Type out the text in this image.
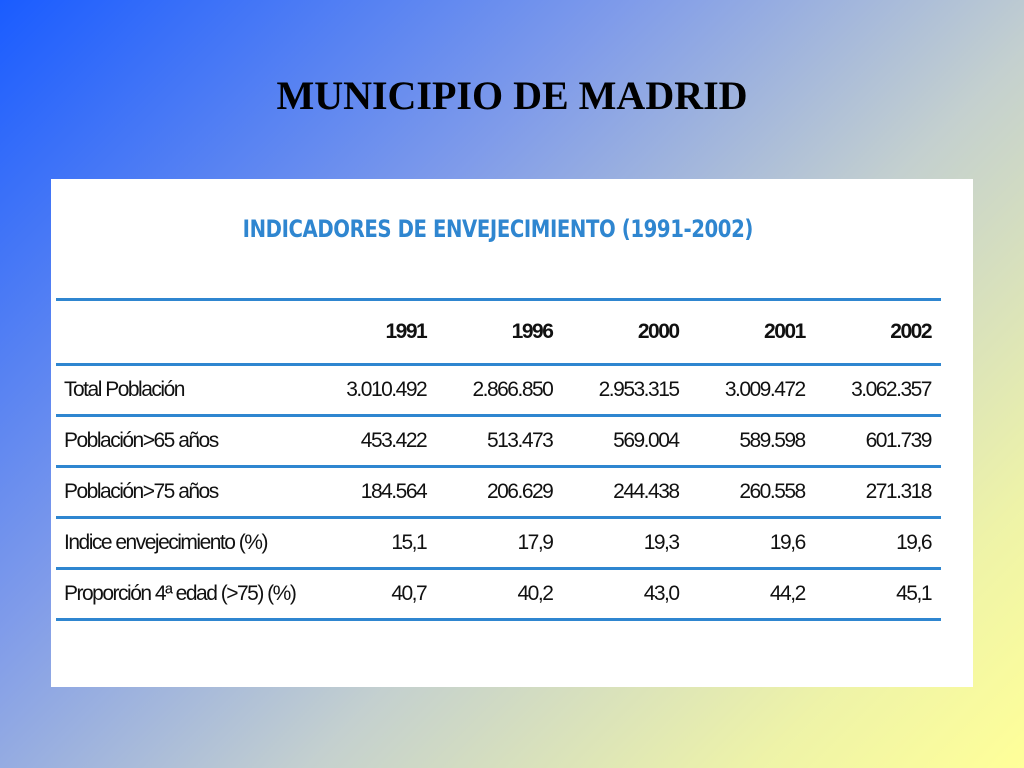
MUNICIPIO DE MADRID
INDICADORES DE ENVEJECIMIENTO (1991-2002)
	1991	1996	2000	2001	2002
Total Población	3.010.492	2.866.850	2.953.315	3.009.472	3.062.357
Población>65 años	453.422	513.473	569.004	589.598	601.739
Población>75 años	184.564	206.629	244.438	260.558	271.318
Indice envejecimiento (%)	15,1	17,9	19,3	19,6	19,6
Proporción 4ª edad (>75) (%)	40,7	40,2	43,0	44,2	45,1
